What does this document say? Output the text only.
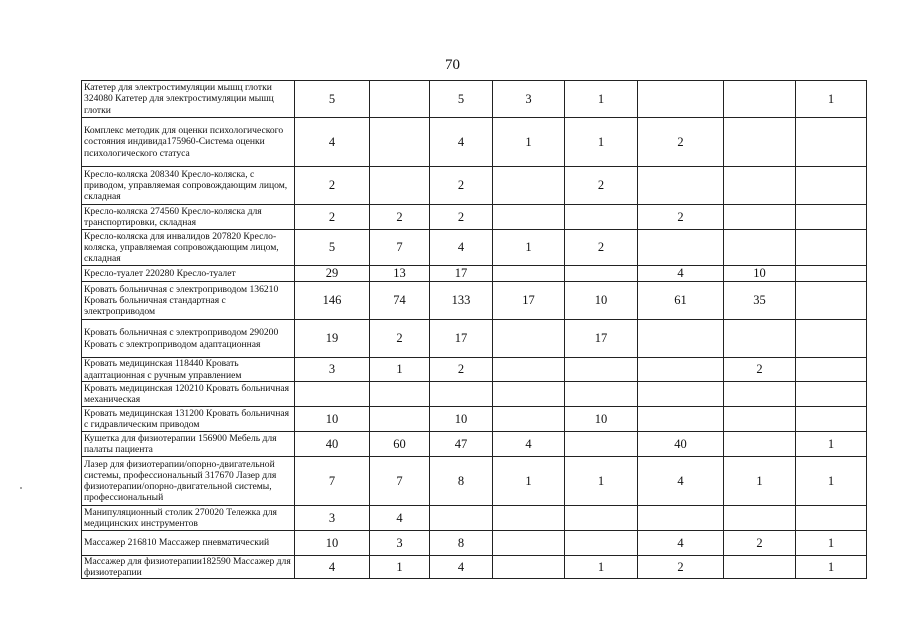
70
Катетер для электростимуляции мышц глотки 324080 Катетер для электростимуляции мышц глотки	5		5	3	1			1
Комплекс методик для оценки психологического состояния индивида175960-Система оценки психологического статуса	4		4	1	1	2		
Кресло-коляска 208340 Кресло-коляска, с приводом, управляемая сопровождающим лицом, складная	2		2		2			
Кресло-коляска 274560 Кресло-коляска для транспортировки, складная	2	2	2			2		
Кресло-коляска для инвалидов 207820 Кресло-коляска, управляемая сопровождающим лицом, складная	5	7	4	1	2			
Кресло-туалет 220280 Кресло-туалет	29	13	17			4	10	
Кровать больничная с электроприводом 136210 Кровать больничная стандартная с электроприводом	146	74	133	17	10	61	35	
Кровать больничная с электроприводом 290200 Кровать с электроприводом адаптационная	19	2	17		17			
Кровать медицинская 118440 Кровать адаптационная с ручным управлением	3	1	2				2	
Кровать медицинская 120210 Кровать больничная механическая								
Кровать медицинская 131200 Кровать больничная с гидравлическим приводом	10		10		10			
Кушетка для физиотерапии 156900 Мебель для палаты пациента	40	60	47	4		40		1
Лазер для физиотерапии/опорно-двигательной системы, профессиональный 317670 Лазер для физиотерапии/опорно-двигательной системы, профессиональный	7	7	8	1	1	4	1	1
Манипуляционный столик 270020 Тележка для медицинских инструментов	3	4						
Массажер 216810 Массажер пневматический	10	3	8			4	2	1
Массажер для физиотерапии182590 Массажер для физиотерапии	4	1	4		1	2		1
